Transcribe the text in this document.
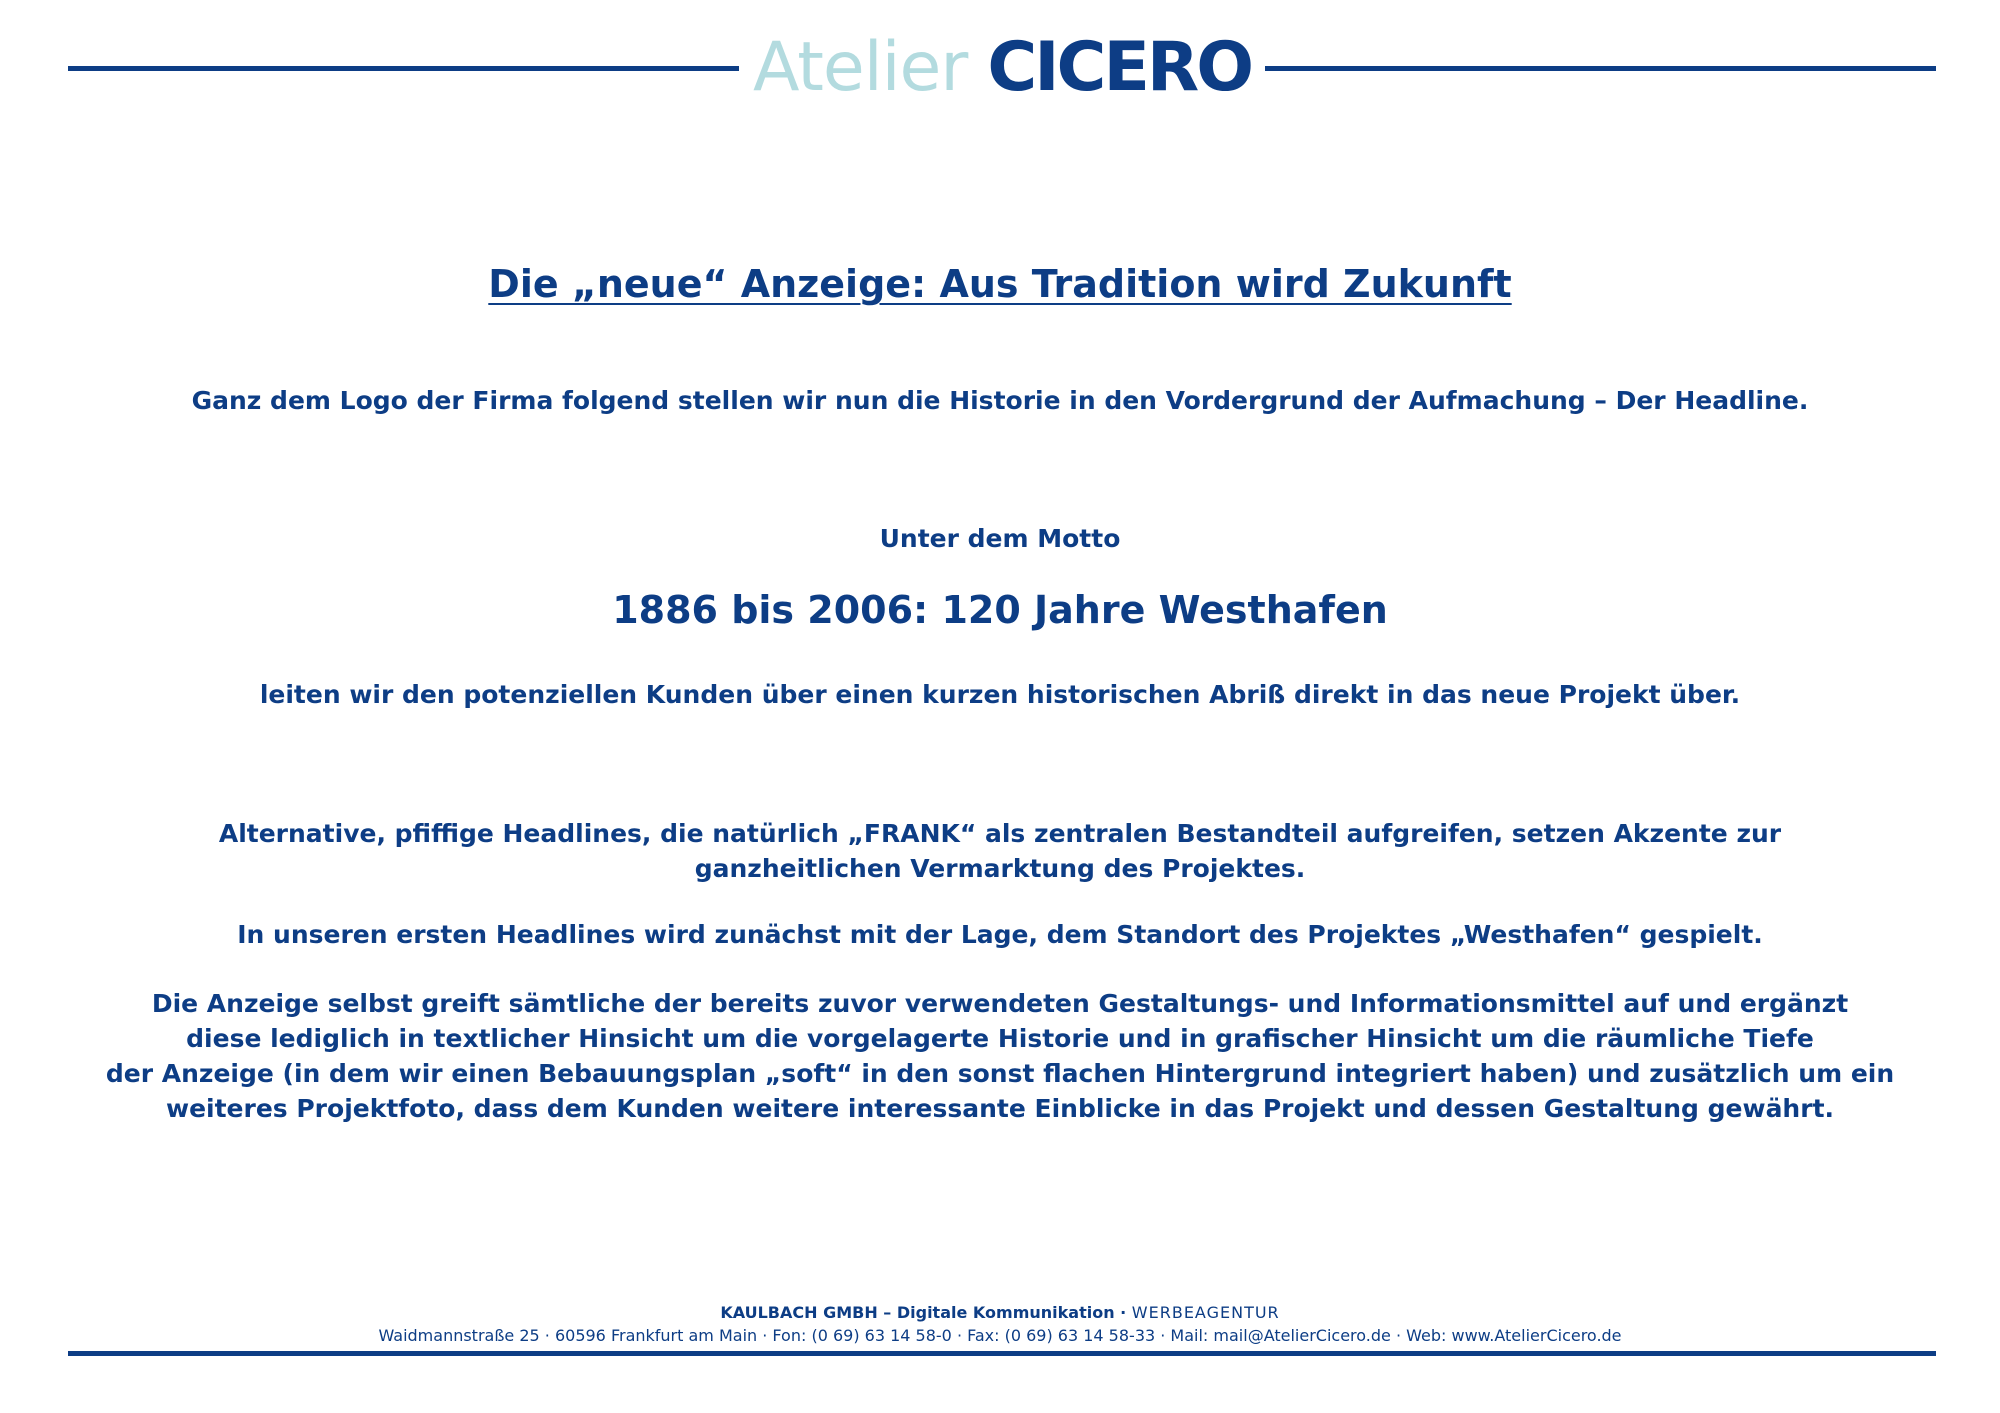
Atelier CICERO
Die „neue“ Anzeige: Aus Tradition wird Zukunft
Ganz dem Logo der Firma folgend stellen wir nun die Historie in den Vordergrund der Aufmachung – Der Headline.
Unter dem Motto
1886 bis 2006: 120 Jahre Westhafen
leiten wir den potenziellen Kunden über einen kurzen historischen Abriß direkt in das neue Projekt über.
Alternative, pfiffige Headlines, die natürlich „FRANK“ als zentralen Bestandteil aufgreifen, setzen Akzente zur
ganzheitlichen Vermarktung des Projektes.
In unseren ersten Headlines wird zunächst mit der Lage, dem Standort des Projektes „Westhafen“ gespielt.
Die Anzeige selbst greift sämtliche der bereits zuvor verwendeten Gestaltungs- und Informationsmittel auf und ergänzt
diese lediglich in textlicher Hinsicht um die vorgelagerte Historie und in grafischer Hinsicht um die räumliche Tiefe
der Anzeige (in dem wir einen Bebauungsplan „soft“ in den sonst flachen Hintergrund integriert haben) und zusätzlich um ein
weiteres Projektfoto, dass dem Kunden weitere interessante Einblicke in das Projekt und dessen Gestaltung gewährt.
KAULBACH GMBH – Digitale Kommunikation · WERBEAGENTUR
Waidmannstraße 25 · 60596 Frankfurt am Main · Fon: (0 69) 63 14 58-0 · Fax: (0 69) 63 14 58-33 · Mail: mail@AtelierCicero.de · Web: www.AtelierCicero.de
